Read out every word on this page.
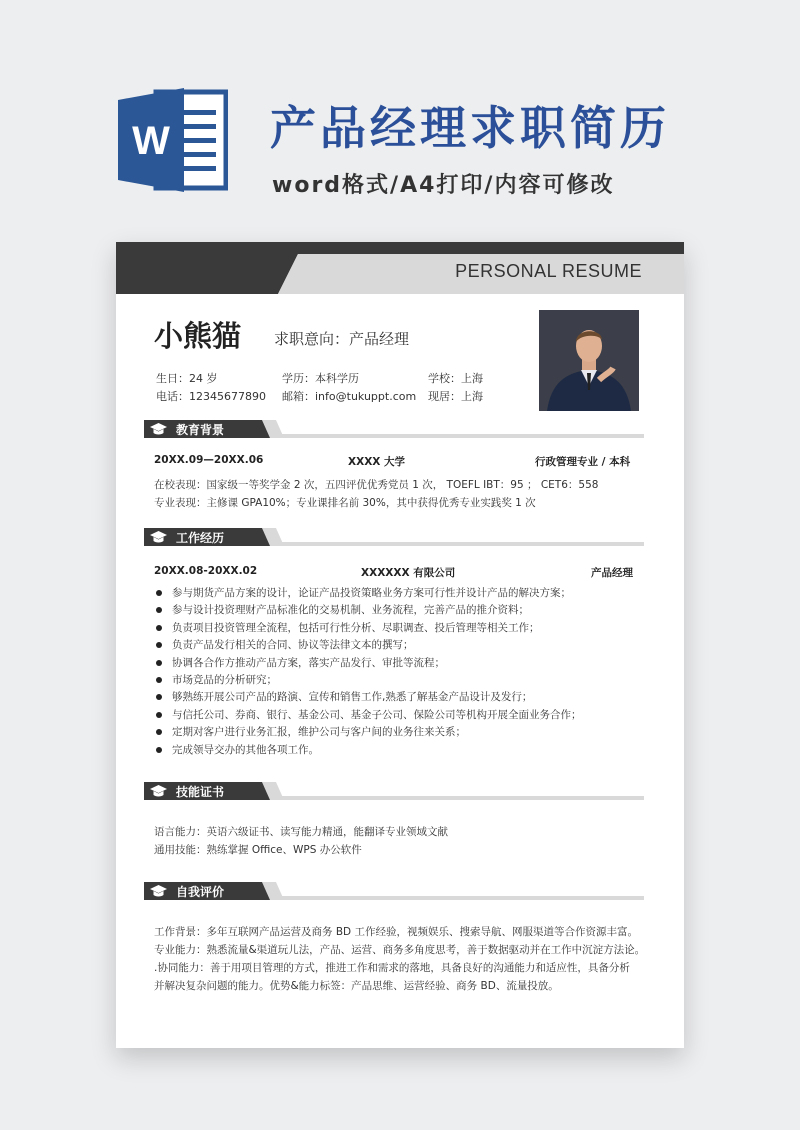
W 产品经理求职简历
word格式/A4打印/内容可修改
PERSONAL RESUME
小熊猫 求职意向：产品经理
生日：24 岁	学历：本科学历	学校：上海
电话：12345677890 邮箱：info@tukuppt.com 现居：上海
教育背景
20XX.09—20XX.06	XXXX 大学	行政管理专业 / 本科
在校表现：国家级一等奖学金 2 次，五四评优优秀党员 1 次， TOEFL IBT：95 ； CET6：558
专业表现：主修课 GPA10%；专业课排名前 30%，其中获得优秀专业实践奖 1 次
工作经历
20XX.08-20XX.02	XXXXXX 有限公司	产品经理
参与期货产品方案的设计，论证产品投资策略业务方案可行性并设计产品的解决方案；
参与设计投资理财产品标准化的交易机制、业务流程，完善产品的推介资料；
负责项目投资管理全流程，包括可行性分析、尽职调查、投后管理等相关工作；
负责产品发行相关的合同、协议等法律文本的撰写；
协调各合作方推动产品方案，落实产品发行、审批等流程；
市场竞品的分析研究；
够熟练开展公司产品的路演、宣传和销售工作,熟悉了解基金产品设计及发行；
与信托公司、券商、银行、基金公司、基金子公司、保险公司等机构开展全面业务合作；
定期对客户进行业务汇报，维护公司与客户间的业务往来关系；
完成领导交办的其他各项工作。
技能证书
语言能力：英语六级证书、读写能力精通，能翻译专业领域文献
通用技能：熟练掌握 Office、WPS 办公软件
自我评价
工作背景：多年互联网产品运营及商务 BD 工作经验，视频娱乐、搜索导航、网服渠道等合作资源丰富。
专业能力：熟悉流量&渠道玩儿法，产品、运营、商务多角度思考，善于数据驱动并在工作中沉淀方法论。
.协同能力：善于用项目管理的方式，推进工作和需求的落地，具备良好的沟通能力和适应性，具备分析
并解决复杂问题的能力。优势&能力标签：产品思维、运营经验、商务 BD、流量投放。
